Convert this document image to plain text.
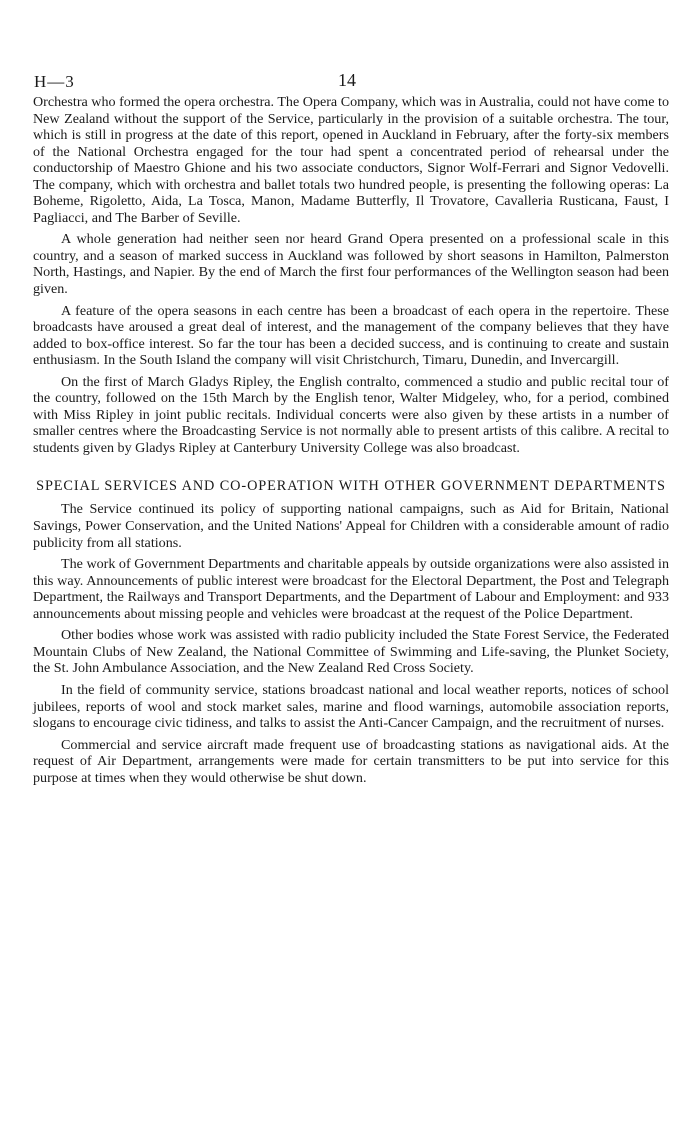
H—3	14

Orchestra who formed the opera orchestra. The Opera Company, which was in Australia, could not have come to New Zealand without the support of the Service, particularly in the provision of a suitable orchestra. The tour, which is still in progress at the date of this report, opened in Auckland in February, after the forty-six members of the National Orchestra engaged for the tour had spent a concentrated period of rehearsal under the conductorship of Maestro Ghione and his two associate conductors, Signor Wolf-Ferrari and Signor Vedovelli. The company, which with orchestra and ballet totals two hundred people, is presenting the following operas: La Boheme, Rigoletto, Aida, La Tosca, Manon, Madame Butterfly, Il Trovatore, Cavalleria Rusticana, Faust, I Pagliacci, and The Barber of Seville.

A whole generation had neither seen nor heard Grand Opera presented on a professional scale in this country, and a season of marked success in Auckland was followed by short seasons in Hamilton, Palmerston North, Hastings, and Napier. By the end of March the first four performances of the Wellington season had been given.

A feature of the opera seasons in each centre has been a broadcast of each opera in the repertoire. These broadcasts have aroused a great deal of interest, and the management of the company believes that they have added to box-office interest. So far the tour has been a decided success, and is continuing to create and sustain enthusiasm. In the South Island the company will visit Christchurch, Timaru, Dunedin, and Invercargill.

On the first of March Gladys Ripley, the English contralto, commenced a studio and public recital tour of the country, followed on the 15th March by the English tenor, Walter Midgeley, who, for a period, combined with Miss Ripley in joint public recitals. Individual concerts were also given by these artists in a number of smaller centres where the Broadcasting Service is not normally able to present artists of this calibre. A recital to students given by Gladys Ripley at Canterbury University College was also broadcast.

SPECIAL SERVICES AND CO-OPERATION WITH OTHER GOVERNMENT DEPARTMENTS

The Service continued its policy of supporting national campaigns, such as Aid for Britain, National Savings, Power Conservation, and the United Nations' Appeal for Children with a considerable amount of radio publicity from all stations.

The work of Government Departments and charitable appeals by outside organizations were also assisted in this way. Announcements of public interest were broadcast for the Electoral Department, the Post and Telegraph Department, the Railways and Transport Departments, and the Department of Labour and Employment: and 933 announcements about missing people and vehicles were broadcast at the request of the Police Department.

Other bodies whose work was assisted with radio publicity included the State Forest Service, the Federated Mountain Clubs of New Zealand, the National Committee of Swimming and Life-saving, the Plunket Society, the St. John Ambulance Association, and the New Zealand Red Cross Society.

In the field of community service, stations broadcast national and local weather reports, notices of school jubilees, reports of wool and stock market sales, marine and flood warnings, automobile association reports, slogans to encourage civic tidiness, and talks to assist the Anti-Cancer Campaign, and the recruitment of nurses.

Commercial and service aircraft made frequent use of broadcasting stations as navigational aids. At the request of Air Department, arrangements were made for certain transmitters to be put into service for this purpose at times when they would otherwise be shut down.
